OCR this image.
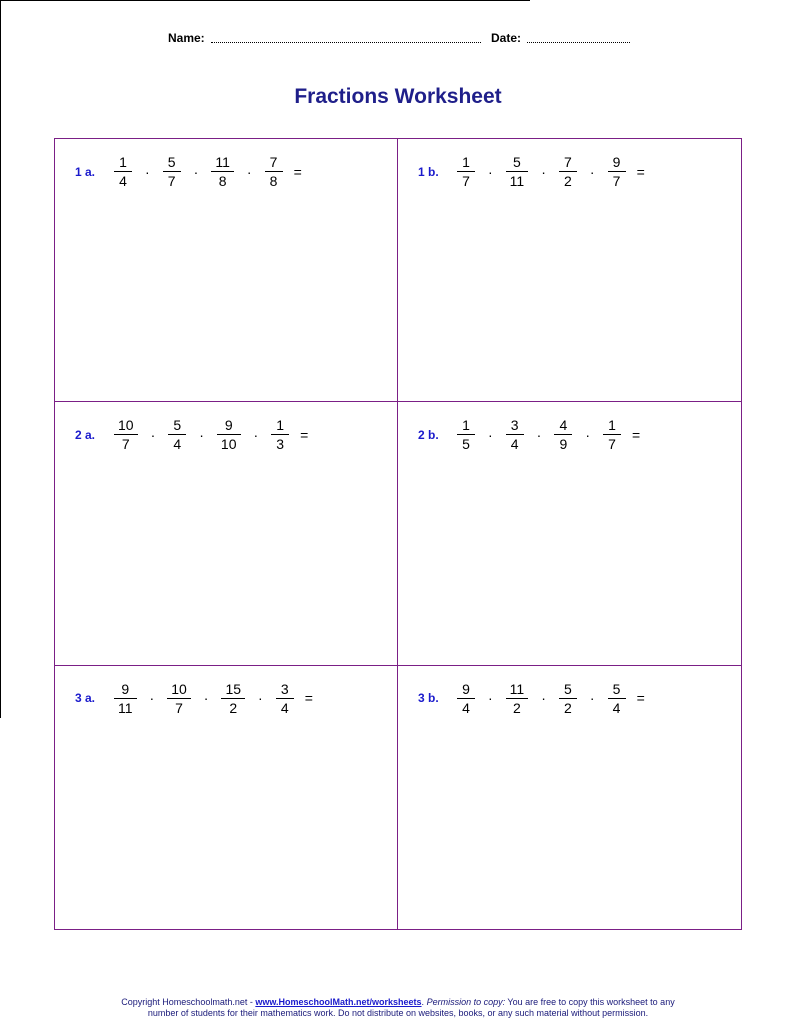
Name:	Date:
Fractions Worksheet
1 a.	$\frac{1}{4} \cdot \frac{5}{7} \cdot \frac{11}{8} \cdot \frac{7}{8}$ =	1 b.	$\frac{1}{7} \cdot \frac{5}{11} \cdot \frac{7}{2} \cdot \frac{9}{7}$ =
2 a.	$\frac{10}{7} \cdot \frac{5}{4} \cdot \frac{9}{10} \cdot \frac{1}{3}$ =	2 b.	$\frac{1}{5} \cdot \frac{3}{4} \cdot \frac{4}{9} \cdot \frac{1}{7}$ =
3 a.	$\frac{9}{11} \cdot \frac{10}{7} \cdot \frac{15}{2} \cdot \frac{3}{4}$ =	3 b.	$\frac{9}{4} \cdot \frac{11}{2} \cdot \frac{5}{2} \cdot \frac{5}{4}$ =
Copyright Homeschoolmath.net - www.HomeschoolMath.net/worksheets. Permission to copy: You are free to copy this worksheet to any
number of students for their mathematics work. Do not distribute on websites, books, or any such material without permission.
